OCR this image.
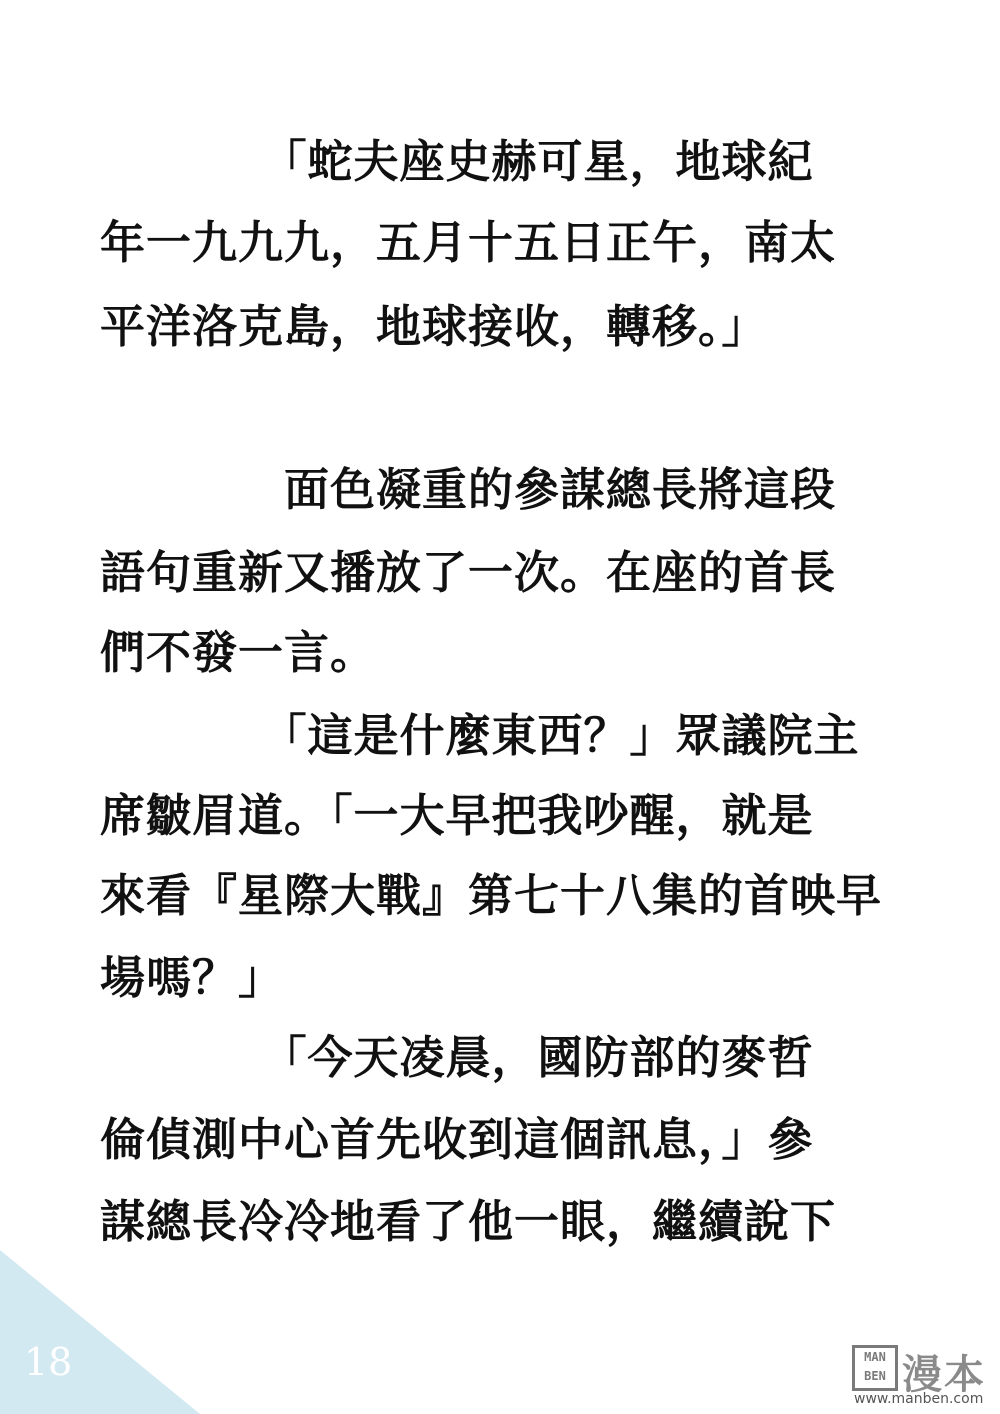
　　　　「蛇夫座史赫可星，地球紀
年一九九九，五月十五日正午，南太
平洋洛克島，地球接收，轉移。」
　　　　面色凝重的參謀總長將這段
語句重新又播放了一次。在座的首長
們不發一言。
　　　　「這是什麼東西？」眾議院主
席皺眉道。「一大早把我吵醒，就是
來看『星際大戰』第七十八集的首映早
場嗎？」
　　　　「今天凌晨，國防部的麥哲
倫偵測中心首先收到這個訊息，」參
謀總長冷冷地看了他一眼，繼續說下
18	MAN
BEN 漫本
www.manben.com
